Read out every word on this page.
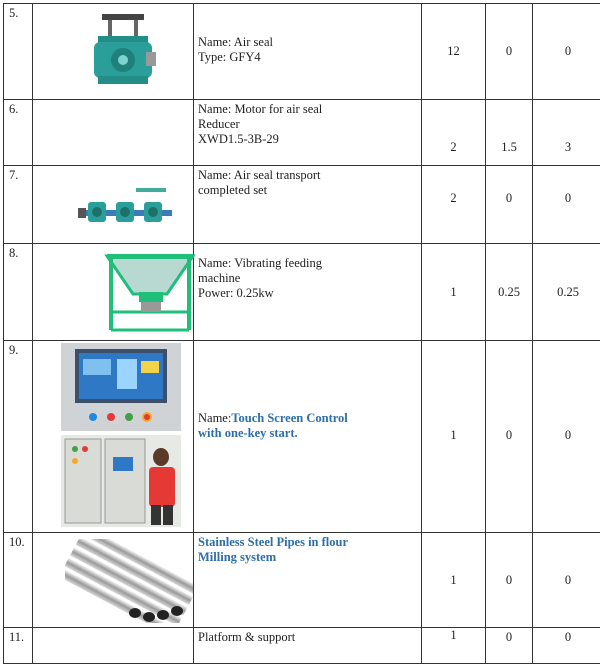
5.		Name: Air seal
Type: GFY4	12	0	0

6.		Name: Motor for air seal
Reducer
XWD1.5-3B-29	2	1.5	3

7.		Name: Air seal transport
completed set	2	0	0

8.		Name: Vibrating feeding
machine
Power: 0.25kw	1	0.25	0.25

9.		Name:Touch Screen Control
with one-key start.	1	0	0

10.		Stainless Steel Pipes in flour
Milling system	1	0	0

11.		Platform & support	1	0	0
